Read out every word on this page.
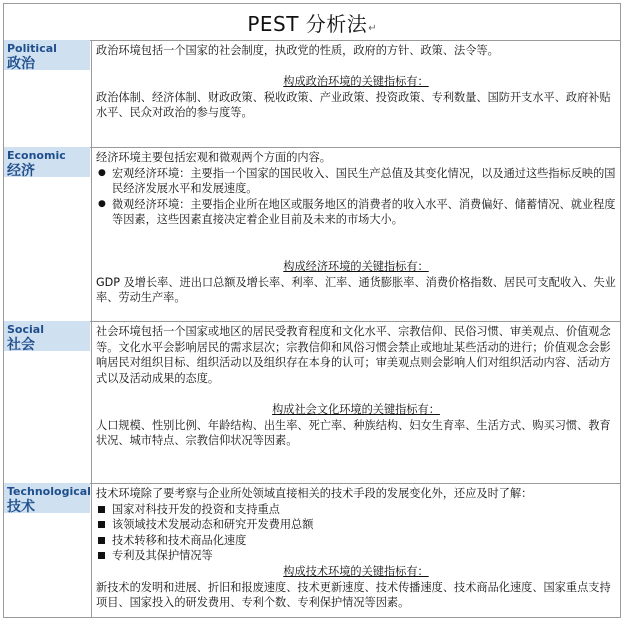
PEST 分析法↵
Political
政治

政治环境包括一个国家的社会制度，执政党的性质，政府的方针、政策、法令等。

构成政治环境的关键指标有：

政治体制、经济体制、财政政策、税收政策、产业政策、投资政策、专利数量、国防开支水平、政府补贴水平、民众对政治的参与度等。

Economic
经济

经济环境主要包括宏观和微观两个方面的内容。

● 宏观经济环境：主要指一个国家的国民收入、国民生产总值及其变化情况，以及通过这些指标反映的国民经济发展水平和发展速度。

● 微观经济环境：主要指企业所在地区或服务地区的消费者的收入水平、消费偏好、储蓄情况、就业程度等因素，这些因素直接决定着企业目前及未来的市场大小。

构成经济环境的关键指标有：

GDP 及增长率、进出口总额及增长率、利率、汇率、通货膨胀率、消费价格指数、居民可支配收入、失业率、劳动生产率。

Social
社会

社会环境包括一个国家或地区的居民受教育程度和文化水平、宗教信仰、民俗习惯、审美观点、价值观念等。文化水平会影响居民的需求层次；宗教信仰和风俗习惯会禁止或地址某些活动的进行；价值观念会影响居民对组织目标、组织活动以及组织存在本身的认可；审美观点则会影响人们对组织活动内容、活动方式以及活动成果的态度。

构成社会文化环境的关键指标有：

人口规模、性别比例、年龄结构、出生率、死亡率、种族结构、妇女生育率、生活方式、购买习惯、教育状况、城市特点、宗教信仰状况等因素。

Technological
技术

技术环境除了要考察与企业所处领域直接相关的技术手段的发展变化外，还应及时了解：

国家对科技开发的投资和支持重点

该领域技术发展动态和研究开发费用总额

技术转移和技术商品化速度

专利及其保护情况等

构成技术环境的关键指标有：

新技术的发明和进展、折旧和报废速度、技术更新速度、技术传播速度、技术商品化速度、国家重点支持项目、国家投入的研发费用、专利个数、专利保护情况等因素。
